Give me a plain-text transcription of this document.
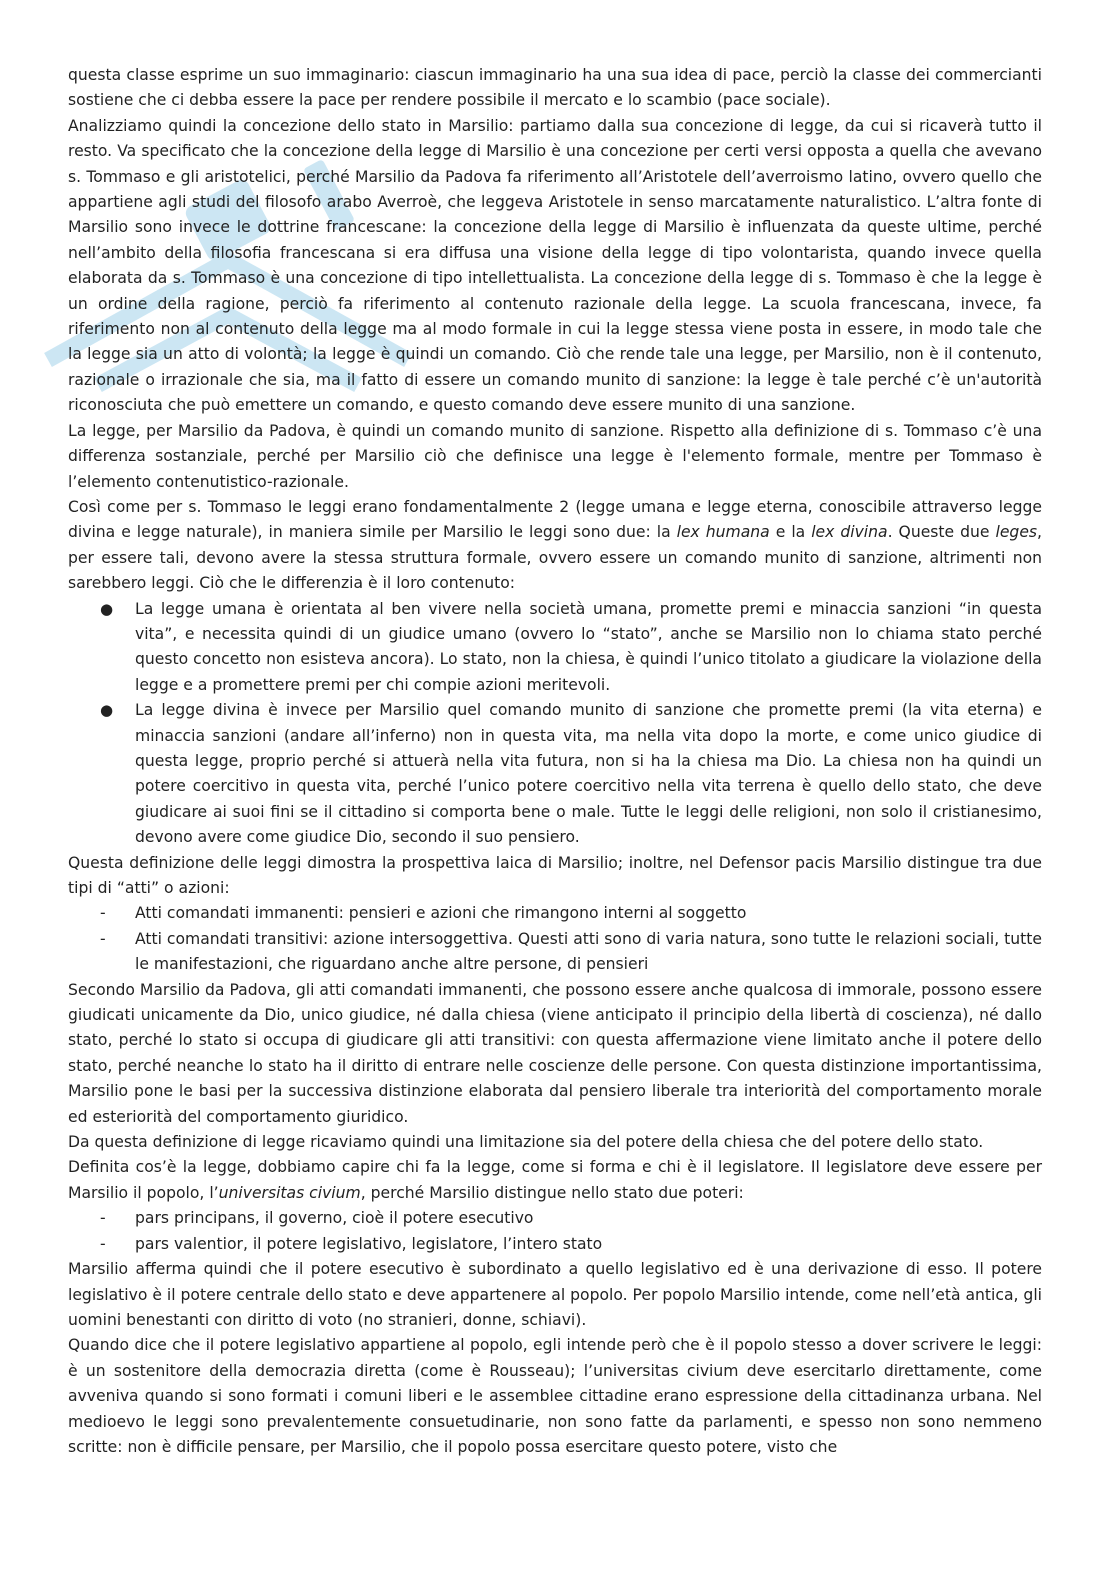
questa classe esprime un suo immaginario: ciascun immaginario ha una sua idea di pace, perciò la classe dei commercianti sostiene che ci debba essere la pace per rendere possibile il mercato e lo scambio (pace sociale).

Analizziamo quindi la concezione dello stato in Marsilio: partiamo dalla sua concezione di legge, da cui si ricaverà tutto il resto. Va specificato che la concezione della legge di Marsilio è una concezione per certi versi opposta a quella che avevano s. Tommaso e gli aristotelici, perché Marsilio da Padova fa riferimento all’Aristotele dell’averroismo latino, ovvero quello che appartiene agli studi del filosofo arabo Averroè, che leggeva Aristotele in senso marcatamente naturalistico. L’altra fonte di Marsilio sono invece le dottrine francescane: la concezione della legge di Marsilio è influenzata da queste ultime, perché nell’ambito della filosofia francescana si era diffusa una visione della legge di tipo volontarista, quando invece quella elaborata da s. Tommaso è una concezione di tipo intellettualista. La concezione della legge di s. Tommaso è che la legge è un ordine della ragione, perciò fa riferimento al contenuto razionale della legge. La scuola francescana, invece, fa riferimento non al contenuto della legge ma al modo formale in cui la legge stessa viene posta in essere, in modo tale che la legge sia un atto di volontà; la legge è quindi un comando. Ciò che rende tale una legge, per Marsilio, non è il contenuto, razionale o irrazionale che sia, ma il fatto di essere un comando munito di sanzione: la legge è tale perché c’è un'autorità riconosciuta che può emettere un comando, e questo comando deve essere munito di una sanzione.

La legge, per Marsilio da Padova, è quindi un comando munito di sanzione. Rispetto alla definizione di s. Tommaso c’è una differenza sostanziale, perché per Marsilio ciò che definisce una legge è l'elemento formale, mentre per Tommaso è l’elemento contenutistico-razionale.

Così come per s. Tommaso le leggi erano fondamentalmente 2 (legge umana e legge eterna, conoscibile attraverso legge divina e legge naturale), in maniera simile per Marsilio le leggi sono due: la lex humana e la lex divina. Queste due leges, per essere tali, devono avere la stessa struttura formale, ovvero essere un comando munito di sanzione, altrimenti non sarebbero leggi. Ciò che le differenzia è il loro contenuto:

●	La legge umana è orientata al ben vivere nella società umana, promette premi e minaccia sanzioni “in questa vita”, e necessita quindi di un giudice umano (ovvero lo “stato”, anche se Marsilio non lo chiama stato perché questo concetto non esisteva ancora). Lo stato, non la chiesa, è quindi l’unico titolato a giudicare la violazione della legge e a promettere premi per chi compie azioni meritevoli.
●	La legge divina è invece per Marsilio quel comando munito di sanzione che promette premi (la vita eterna) e minaccia sanzioni (andare all’inferno) non in questa vita, ma nella vita dopo la morte, e come unico giudice di questa legge, proprio perché si attuerà nella vita futura, non si ha la chiesa ma Dio. La chiesa non ha quindi un potere coercitivo in questa vita, perché l’unico potere coercitivo nella vita terrena è quello dello stato, che deve giudicare ai suoi fini se il cittadino si comporta bene o male. Tutte le leggi delle religioni, non solo il cristianesimo, devono avere come giudice Dio, secondo il suo pensiero.

Questa definizione delle leggi dimostra la prospettiva laica di Marsilio; inoltre, nel Defensor pacis Marsilio distingue tra due tipi di “atti” o azioni:

-	Atti comandati immanenti: pensieri e azioni che rimangono interni al soggetto
-	Atti comandati transitivi: azione intersoggettiva. Questi atti sono di varia natura, sono tutte le relazioni sociali, tutte le manifestazioni, che riguardano anche altre persone, di pensieri

Secondo Marsilio da Padova, gli atti comandati immanenti, che possono essere anche qualcosa di immorale, possono essere giudicati unicamente da Dio, unico giudice, né dalla chiesa (viene anticipato il principio della libertà di coscienza), né dallo stato, perché lo stato si occupa di giudicare gli atti transitivi: con questa affermazione viene limitato anche il potere dello stato, perché neanche lo stato ha il diritto di entrare nelle coscienze delle persone. Con questa distinzione importantissima, Marsilio pone le basi per la successiva distinzione elaborata dal pensiero liberale tra interiorità del comportamento morale ed esteriorità del comportamento giuridico.

Da questa definizione di legge ricaviamo quindi una limitazione sia del potere della chiesa che del potere dello stato.

Definita cos’è la legge, dobbiamo capire chi fa la legge, come si forma e chi è il legislatore. Il legislatore deve essere per Marsilio il popolo, l’universitas civium, perché Marsilio distingue nello stato due poteri:

-	pars principans, il governo, cioè il potere esecutivo
-	pars valentior, il potere legislativo, legislatore, l’intero stato

Marsilio afferma quindi che il potere esecutivo è subordinato a quello legislativo ed è una derivazione di esso. Il potere legislativo è il potere centrale dello stato e deve appartenere al popolo. Per popolo Marsilio intende, come nell’età antica, gli uomini benestanti con diritto di voto (no stranieri, donne, schiavi).

Quando dice che il potere legislativo appartiene al popolo, egli intende però che è il popolo stesso a dover scrivere le leggi: è un sostenitore della democrazia diretta (come è Rousseau); l’universitas civium deve esercitarlo direttamente, come avveniva quando si sono formati i comuni liberi e le assemblee cittadine erano espressione della cittadinanza urbana. Nel medioevo le leggi sono prevalentemente consuetudinarie, non sono fatte da parlamenti, e spesso non sono nemmeno scritte: non è difficile pensare, per Marsilio, che il popolo possa esercitare questo potere, visto che
